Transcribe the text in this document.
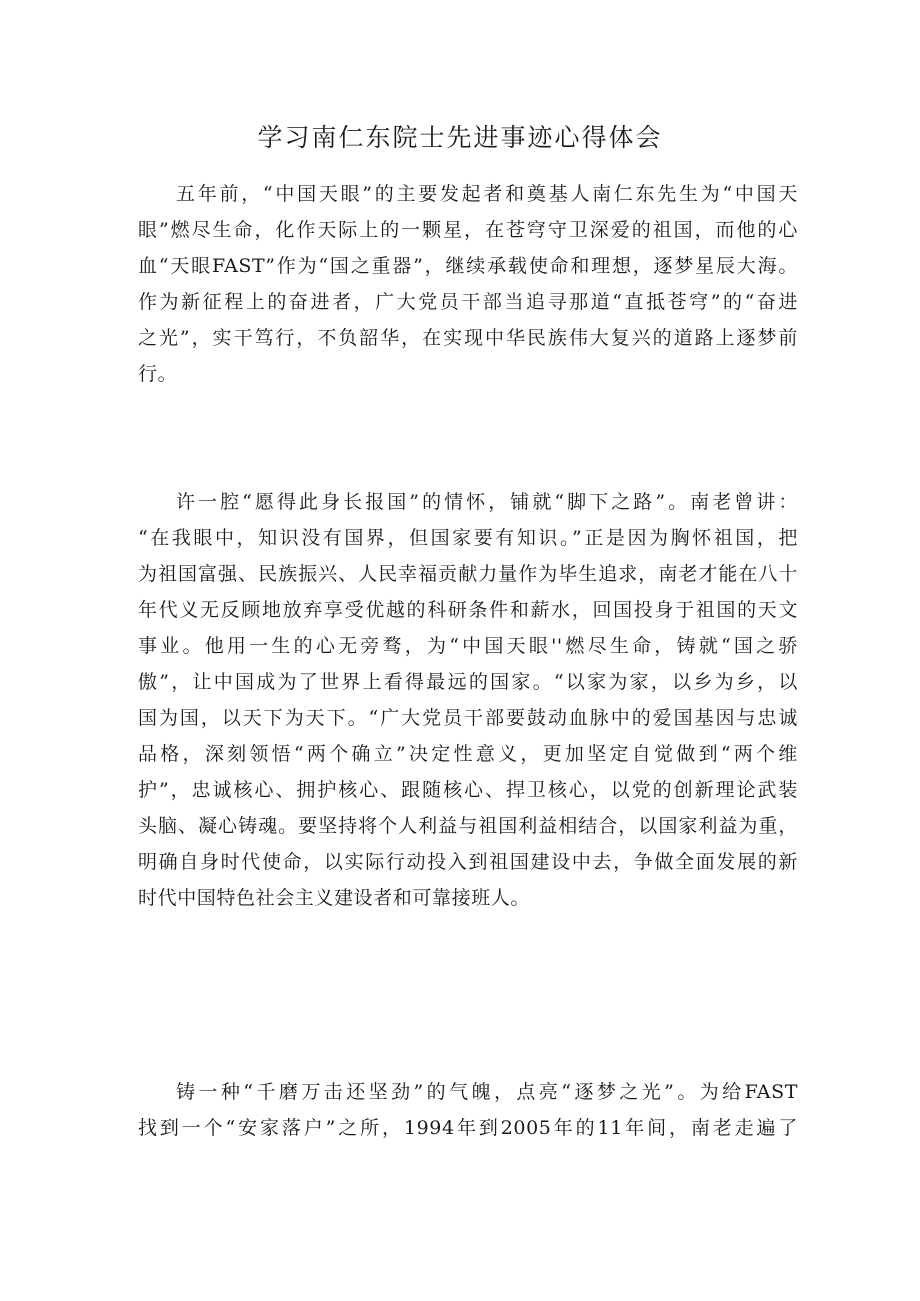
学习南仁东院士先进事迹心得体会
五年前，“中国天眼”的主要发起者和奠基人南仁东先生为“中国天
眼”燃尽生命，化作天际上的一颗星，在苍穹守卫深爱的祖国，而他的心
血“天眼FAST”作为“国之重器”，继续承载使命和理想，逐梦星辰大海。
作为新征程上的奋进者，广大党员干部当追寻那道“直抵苍穹”的“奋进
之光”，实干笃行，不负韶华，在实现中华民族伟大复兴的道路上逐梦前
行。
许一腔“愿得此身长报国”的情怀，铺就“脚下之路”。南老曾讲：
“在我眼中，知识没有国界，但国家要有知识。”正是因为胸怀祖国，把
为祖国富强、民族振兴、人民幸福贡献力量作为毕生追求，南老才能在八十
年代义无反顾地放弃享受优越的科研条件和薪水，回国投身于祖国的天文
事业。他用一生的心无旁骛，为“中国天眼''燃尽生命，铸就“国之骄
傲”，让中国成为了世界上看得最远的国家。“以家为家，以乡为乡，以
国为国，以天下为天下。“广大党员干部要鼓动血脉中的爱国基因与忠诚
品格，深刻领悟“两个确立”决定性意义，更加坚定自觉做到“两个维
护”，忠诚核心、拥护核心、跟随核心、捍卫核心，以党的创新理论武装
头脑、凝心铸魂。要坚持将个人利益与祖国利益相结合，以国家利益为重，
明确自身时代使命，以实际行动投入到祖国建设中去，争做全面发展的新
时代中国特色社会主义建设者和可靠接班人。
铸一种“千磨万击还坚劲”的气魄，点亮“逐梦之光”。为给FAST
找到一个“安家落户”之所，1994年到2005年的11年间，南老走遍了
